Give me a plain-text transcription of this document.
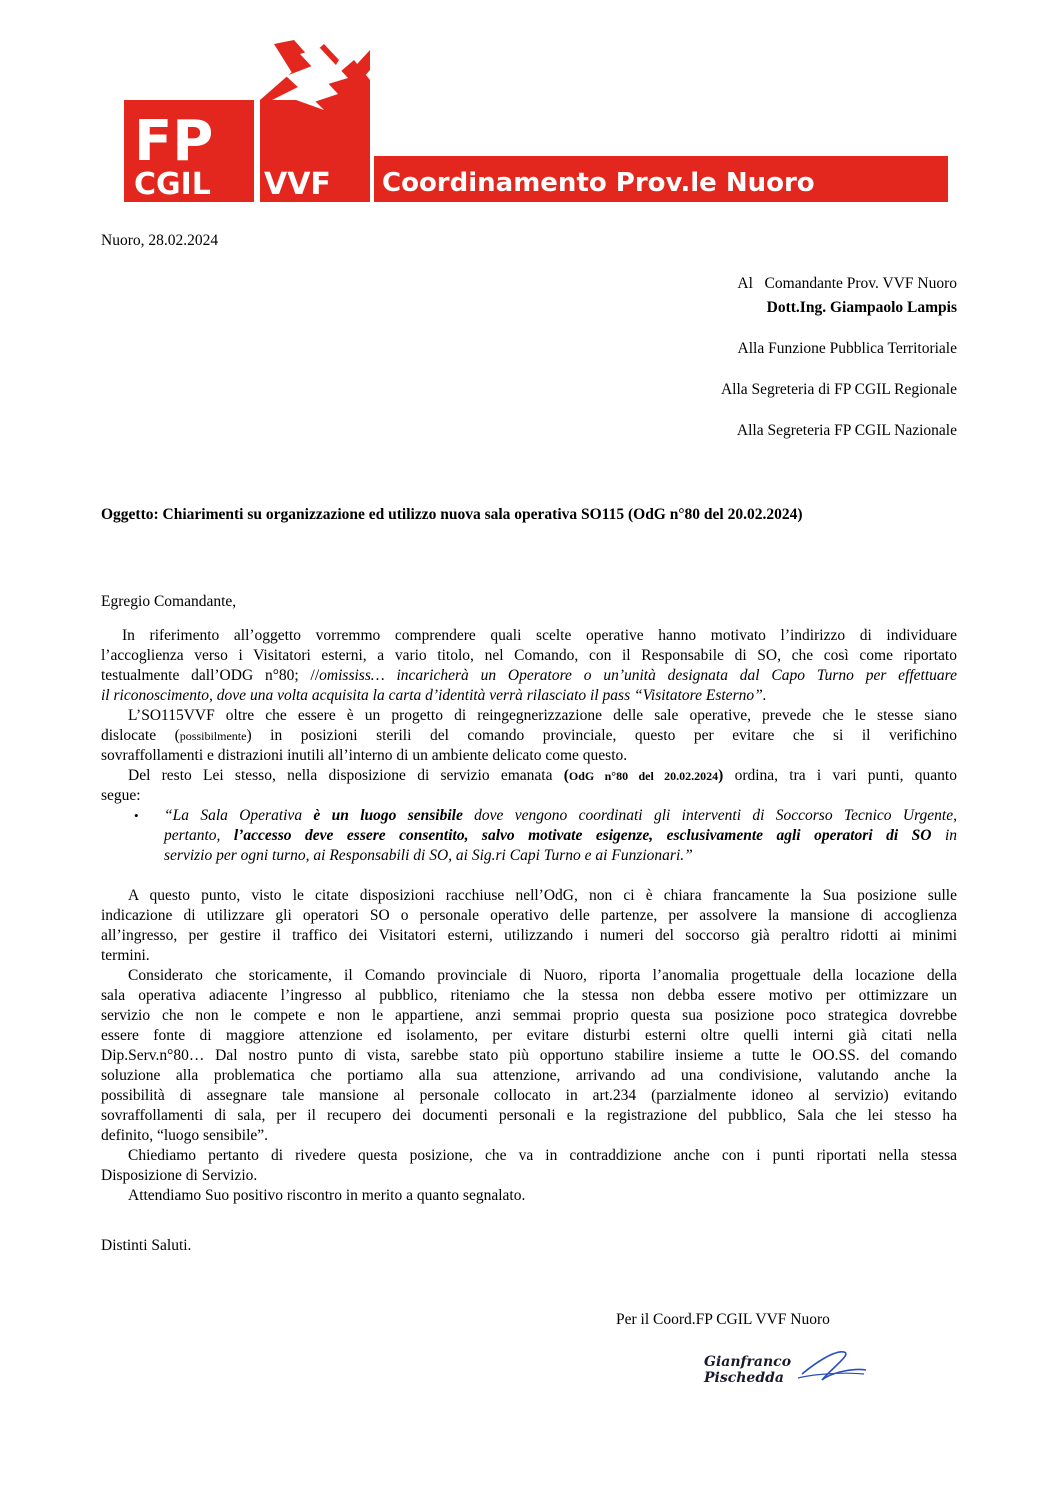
FP
CGIL VVF Coordinamento Prov.le Nuoro
Nuoro, 28.02.2024
Al   Comandante Prov. VVF Nuoro
Dott.Ing. Giampaolo Lampis
Alla Funzione Pubblica Territoriale
Alla Segreteria di FP CGIL Regionale
Alla Segreteria FP CGIL Nazionale
Oggetto: Chiarimenti su organizzazione ed utilizzo nuova sala operativa SO115 (OdG n°80 del 20.02.2024)
Egregio Comandante,
In riferimento all’oggetto vorremmo comprendere quali scelte operative hanno motivato l’indirizzo di individuare
l’accoglienza verso i Visitatori esterni, a vario titolo, nel Comando, con il Responsabile di SO, che così come riportato
testualmente dall’ODG n°80; //omississ… incaricherà un Operatore o un’unità designata dal Capo Turno per effettuare
il riconoscimento, dove una volta acquisita la carta d’identità verrà rilasciato il pass “Visitatore Esterno”.
L’SO115VVF oltre che essere è un progetto di reingegnerizzazione delle sale operative, prevede che le stesse siano
dislocate (possibilmente) in posizioni sterili del comando provinciale, questo per evitare che si il verifichino
sovraffollamenti e distrazioni inutili all’interno di un ambiente delicato come questo.
Del resto Lei stesso, nella disposizione di servizio emanata (OdG n°80 del 20.02.2024) ordina, tra i vari punti, quanto
segue:
• “La Sala Operativa è un luogo sensibile dove vengono coordinati gli interventi di Soccorso Tecnico Urgente,
pertanto, l’accesso deve essere consentito, salvo motivate esigenze, esclusivamente agli operatori di SO in
servizio per ogni turno, ai Responsabili di SO, ai Sig.ri Capi Turno e ai Funzionari.”
A questo punto, visto le citate disposizioni racchiuse nell’OdG, non ci è chiara francamente la Sua posizione sulle
indicazione di utilizzare gli operatori SO o personale operativo delle partenze, per assolvere la mansione di accoglienza
all’ingresso, per gestire il traffico dei Visitatori esterni, utilizzando i numeri del soccorso già peraltro ridotti ai minimi
termini.
Considerato che storicamente, il Comando provinciale di Nuoro, riporta l’anomalia progettuale della locazione della
sala operativa adiacente l’ingresso al pubblico, riteniamo che la stessa non debba essere motivo per ottimizzare un
servizio che non le compete e non le appartiene, anzi semmai proprio questa sua posizione poco strategica dovrebbe
essere fonte di maggiore attenzione ed isolamento, per evitare disturbi esterni oltre quelli interni già citati nella
Dip.Serv.n°80… Dal nostro punto di vista, sarebbe stato più opportuno stabilire insieme a tutte le OO.SS. del comando
soluzione alla problematica che portiamo alla sua attenzione, arrivando ad una condivisione, valutando anche la
possibilità di assegnare tale mansione al personale collocato in art.234 (parzialmente idoneo al servizio) evitando
sovraffollamenti di sala, per il recupero dei documenti personali e la registrazione del pubblico, Sala che lei stesso ha
definito, “luogo sensibile”.
Chiediamo pertanto di rivedere questa posizione, che va in contraddizione anche con i punti riportati nella stessa
Disposizione di Servizio.
Attendiamo Suo positivo riscontro in merito a quanto segnalato.
Distinti Saluti.
Per il Coord.FP CGIL VVF Nuoro
Gianfranco Pischedda
